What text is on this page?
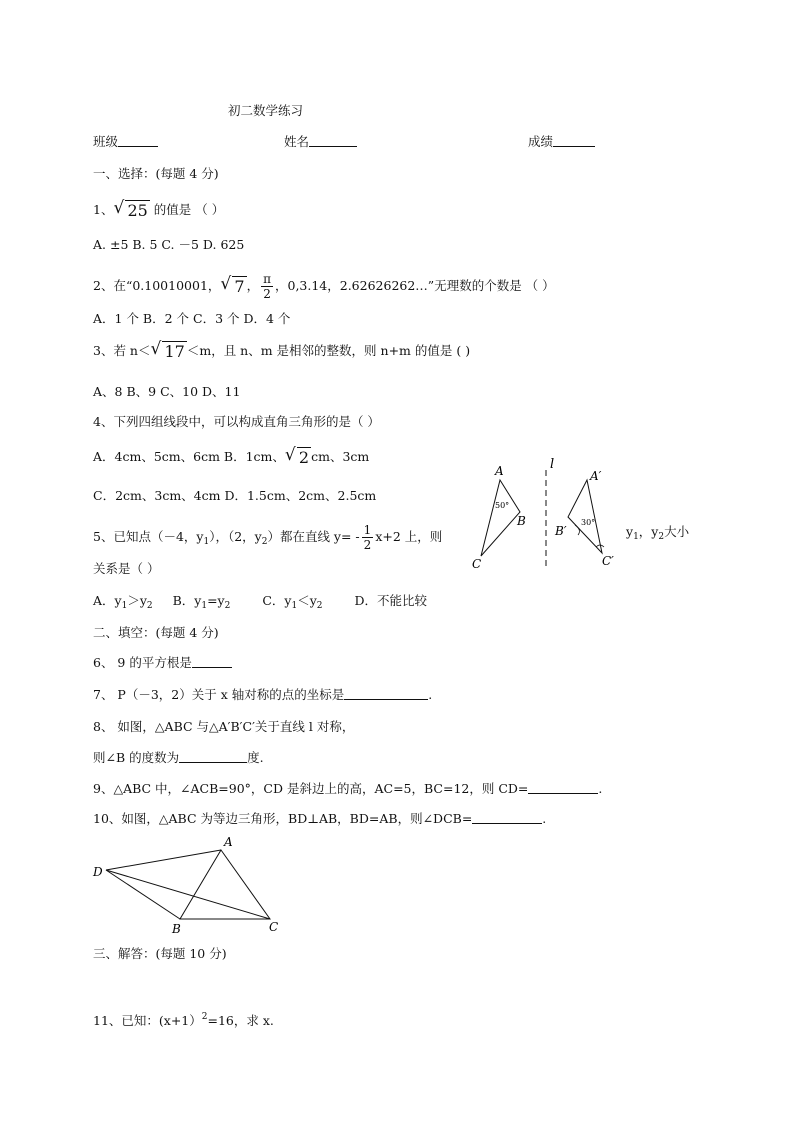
初二数学练习
班级	姓名	成绩
一、选择：(每题 4 分)
1、 √ 25 的值是 （ ）
A. ±5 B. 5 C. －5 D. 625
2、在“0.10010001， √ 7 ， $\frac{\pi}{2}$ ，0,3.14，2.62626262…”无理数的个数是 （ ）
A．1 个 B．2 个 C．3 个 D．4 个
3、若 n＜ √ 17 ＜m，且 n、m 是相邻的整数，则 n+m 的值是 ( )
A、8 B、9 C、10 D、11
4、下列四组线段中，可以构成直角三角形的是（ ）
A．4cm、5cm、6cm B．1cm、 √ 2 cm、3cm
C．2cm、3cm、4cm D．1.5cm、2cm、2.5cm
5、已知点（－4，$y_1$），（2，$y_2$）都在直线 $y= - \frac{1}{2} x+2$ 上，则	$y_1$，$y_2$大小
关系是（ ）
A．$y_1>y_2$ B．$y_1=y_2$	C．$y_1<y_2$	D．不能比较
A
B
C
50°
l
A′
B′
C′
30°
二、填空：(每题 4 分)
6、 9 的平方根是
7、 P（－3，2）关于 x 轴对称的点的坐标是	.
8、 如图，△ABC 与△A′B′C′关于直线 l 对称，
则∠B 的度数为	度.
9、△ABC 中，∠ACB=90°，CD 是斜边上的高，AC=5，BC=12，则 CD=	.
10、如图，△ABC 为等边三角形，BD⊥AB，BD=AB，则∠DCB=	.
A
B	C
D
三、解答：(每题 10 分)
11、已知：(x+1）$^2$=16，求 x.
